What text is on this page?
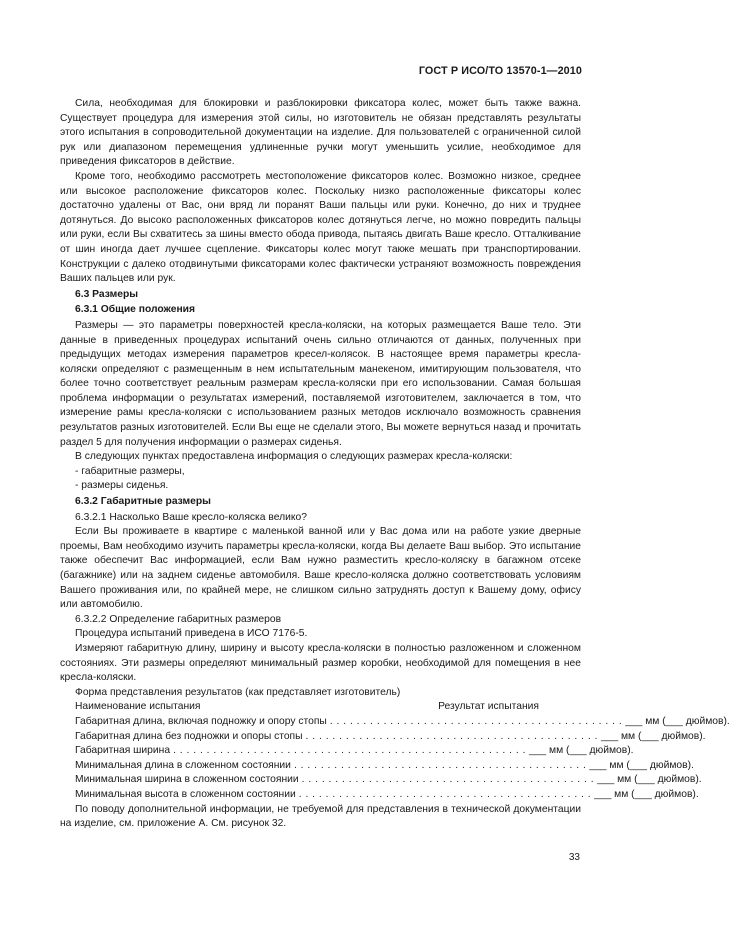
ГОСТ Р ИСО/ТО 13570-1—2010

Сила, необходимая для блокировки и разблокировки фиксатора колес, может быть также важна. Существует процедура для измерения этой силы, но изготовитель не обязан представлять результаты этого испытания в сопроводительной документации на изделие. Для пользователей с ограниченной силой рук или диапазоном перемещения удлиненные ручки могут уменьшить усилие, необходимое для приведения фиксаторов в действие.

Кроме того, необходимо рассмотреть местоположение фиксаторов колес. Возможно низкое, среднее или высокое расположение фиксаторов колес. Поскольку низко расположенные фиксаторы колес достаточно удалены от Вас, они вряд ли поранят Ваши пальцы или руки. Конечно, до них и труднее дотянуться. До высоко расположенных фиксаторов колес дотянуться легче, но можно повредить пальцы или руки, если Вы схватитесь за шины вместо обода привода, пытаясь двигать Ваше кресло. Отталкивание от шин иногда дает лучшее сцепление. Фиксаторы колес могут также мешать при транспортировании. Конструкции с далеко отодвинутыми фиксаторами колес фактически устраняют возможность повреждения Ваших пальцев или рук.

6.3 Размеры

6.3.1 Общие положения

Размеры — это параметры поверхностей кресла-коляски, на которых размещается Ваше тело. Эти данные в приведенных процедурах испытаний очень сильно отличаются от данных, полученных при предыдущих методах измерения параметров кресел-колясок. В настоящее время параметры кресла-коляски определяют с размещенным в нем испытательным манекеном, имитирующим пользователя, что более точно соответствует реальным размерам кресла-коляски при его использовании. Самая большая проблема информации о результатах измерений, поставляемой изготовителем, заключается в том, что измерение рамы кресла-коляски с использованием разных методов исключало возможность сравнения результатов разных изготовителей. Если Вы еще не сделали этого, Вы можете вернуться назад и прочитать раздел 5 для получения информации о размерах сиденья.

В следующих пунктах предоставлена информация о следующих размерах кресла-коляски:

- габаритные размеры,

- размеры сиденья.

6.3.2 Габаритные размеры

6.3.2.1 Насколько Ваше кресло-коляска велико?

Если Вы проживаете в квартире с маленькой ванной или у Вас дома или на работе узкие дверные проемы, Вам необходимо изучить параметры кресла-коляски, когда Вы делаете Ваш выбор. Это испытание также обеспечит Вас информацией, если Вам нужно разместить кресло-коляску в багажном отсеке (багажнике) или на заднем сиденье автомобиля. Ваше кресло-коляска должно соответствовать условиям Вашего проживания или, по крайней мере, не слишком сильно затруднять доступ к Вашему дому, офису или автомобилю.

6.3.2.2 Определение габаритных размеров

Процедура испытаний приведена в ИСО 7176-5.

Измеряют габаритную длину, ширину и высоту кресла-коляски в полностью разложенном и сложенном состояниях. Эти размеры определяют минимальный размер коробки, необходимой для помещения в нее кресла-коляски.

Форма представления результатов (как представляет изготовитель)

Наименование испытания	Результат испытания
Габаритная длина, включая подножку и опору стопы . . . . . . . . . . . . . . . . . . . . . . . . . . . . . . . . . . . . . . . . . . . . ___ мм (___ дюймов).
Габаритная длина без подножки и опоры стопы . . . . . . . . . . . . . . . . . . . . . . . . . . . . . . . . . . . . . . . . . . . . ___ мм (___ дюймов).
Габаритная ширина . . . . . . . . . . . . . . . . . . . . . . . . . . . . . . . . . . . . . . . . . . . . . . . . . . . . . ___ мм (___ дюймов).
Минимальная длина в сложенном состоянии . . . . . . . . . . . . . . . . . . . . . . . . . . . . . . . . . . . . . . . . . . . . ___ мм (___ дюймов).
Минимальная ширина в сложенном состоянии . . . . . . . . . . . . . . . . . . . . . . . . . . . . . . . . . . . . . . . . . . . . ___ мм (___ дюймов).
Минимальная высота в сложенном состоянии . . . . . . . . . . . . . . . . . . . . . . . . . . . . . . . . . . . . . . . . . . . . ___ мм (___ дюймов).

По поводу дополнительной информации, не требуемой для представления в технической документации на изделие, см. приложение А. См. рисунок 32.

33
